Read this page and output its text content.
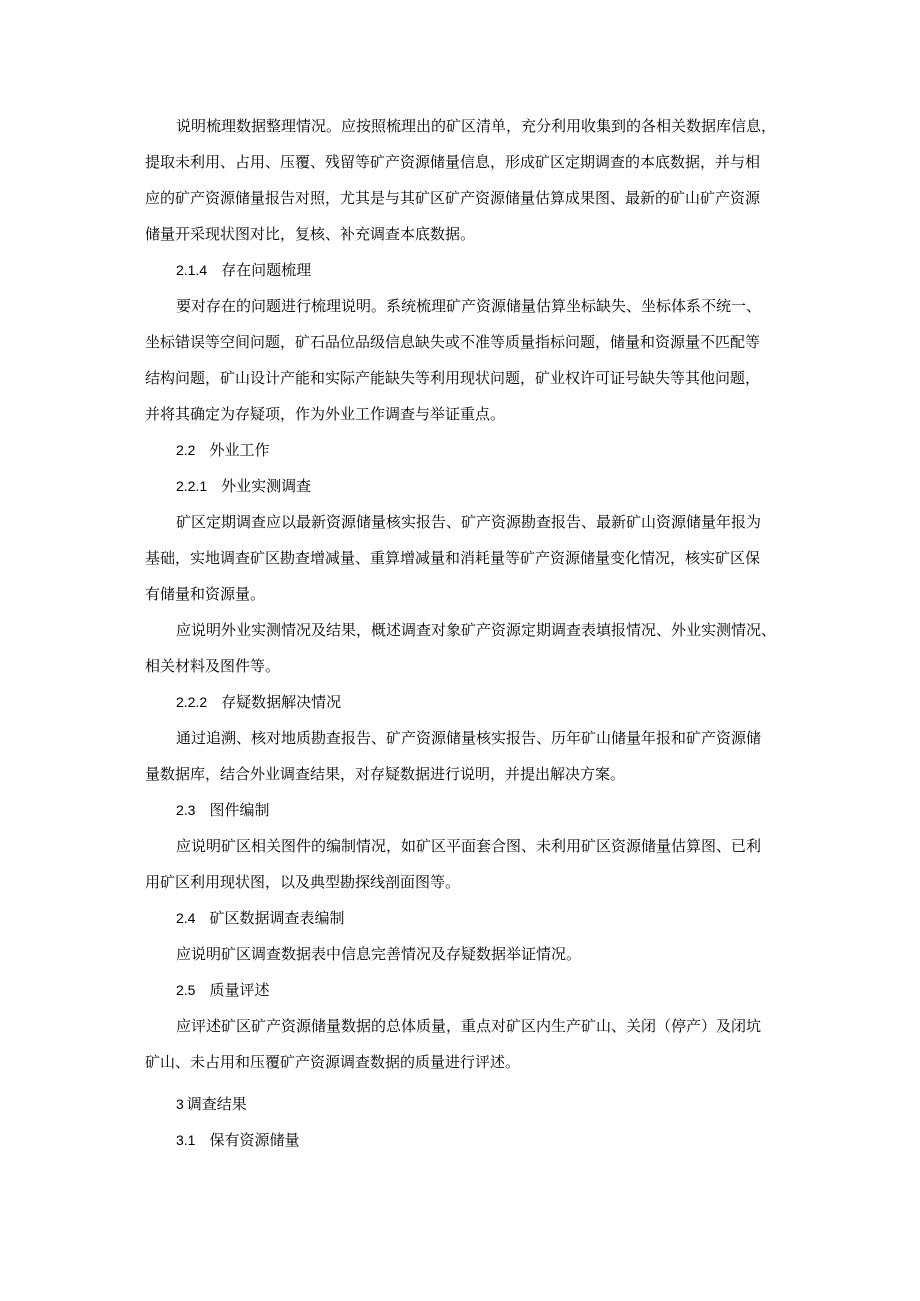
说明梳理数据整理情况。应按照梳理出的矿区清单，充分利用收集到的各相关数据库信息，
提取未利用、占用、压覆、残留等矿产资源储量信息，形成矿区定期调查的本底数据，并与相
应的矿产资源储量报告对照，尤其是与其矿区矿产资源储量估算成果图、最新的矿山矿产资源
储量开采现状图对比，复核、补充调查本底数据。
2.1.4 存在问题梳理
要对存在的问题进行梳理说明。系统梳理矿产资源储量估算坐标缺失、坐标体系不统一、
坐标错误等空间问题，矿石品位品级信息缺失或不准等质量指标问题，储量和资源量不匹配等
结构问题，矿山设计产能和实际产能缺失等利用现状问题，矿业权许可证号缺失等其他问题，
并将其确定为存疑项，作为外业工作调查与举证重点。
2.2 外业工作
2.2.1 外业实测调查
矿区定期调查应以最新资源储量核实报告、矿产资源勘查报告、最新矿山资源储量年报为
基础，实地调查矿区勘查增减量、重算增减量和消耗量等矿产资源储量变化情况，核实矿区保
有储量和资源量。
应说明外业实测情况及结果，概述调查对象矿产资源定期调查表填报情况、外业实测情况、
相关材料及图件等。
2.2.2 存疑数据解决情况
通过追溯、核对地质勘查报告、矿产资源储量核实报告、历年矿山储量年报和矿产资源储
量数据库，结合外业调查结果，对存疑数据进行说明，并提出解决方案。
2.3 图件编制
应说明矿区相关图件的编制情况，如矿区平面套合图、未利用矿区资源储量估算图、已利
用矿区利用现状图，以及典型勘探线剖面图等。
2.4 矿区数据调查表编制
应说明矿区调查数据表中信息完善情况及存疑数据举证情况。
2.5 质量评述
应评述矿区矿产资源储量数据的总体质量，重点对矿区内生产矿山、关闭（停产）及闭坑
矿山、未占用和压覆矿产资源调查数据的质量进行评述。
3 调查结果
3.1 保有资源储量
